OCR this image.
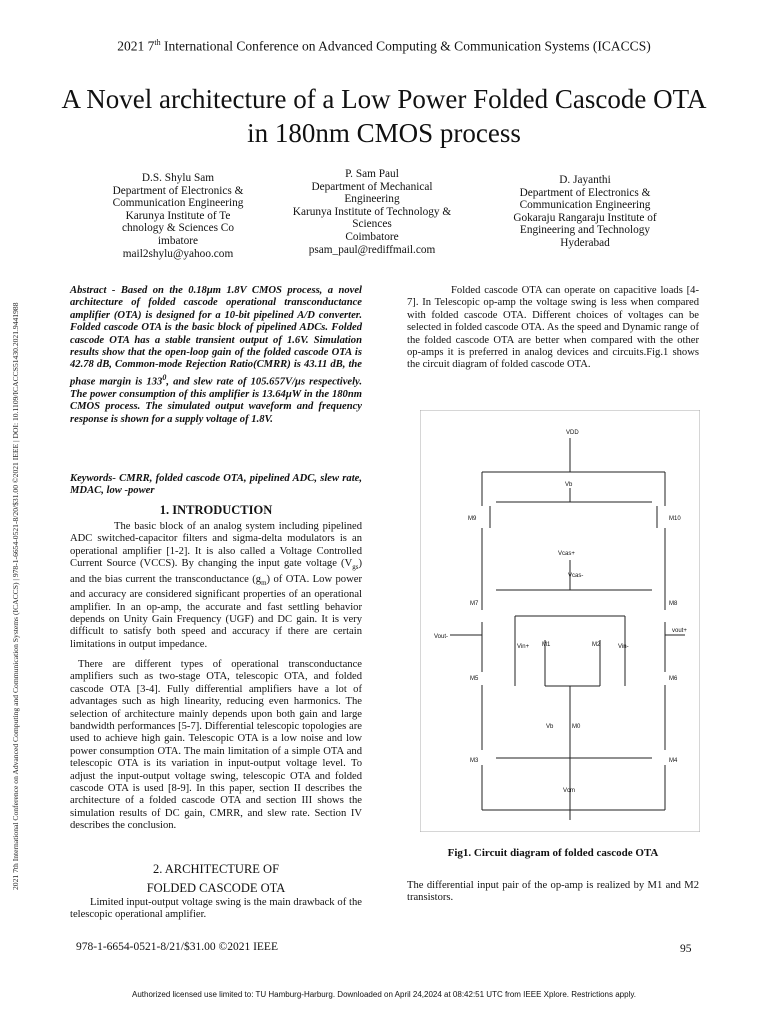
2021 7th International Conference on Advanced Computing & Communication Systems (ICACCS)
A Novel architecture of a Low Power Folded Cascode OTA in 180nm CMOS process
D.S. Shylu Sam
Department of Electronics &
Communication Engineering
Karunya Institute of Te
chnology & Sciences Co
imbatore
mail2shylu@yahoo.com
P. Sam Paul
Department of Mechanical
Engineering
Karunya Institute of Technology &
Sciences
Coimbatore
psam_paul@rediffmail.com
D. Jayanthi
Department of Electronics &
Communication Engineering
Gokaraju Rangaraju Institute of
Engineering and Technology
Hyderabad
2021 7th International Conference on Advanced Computing and Communication Systems (ICACCS) | 978-1-6654-0521-8/20/$31.00 ©2021 IEEE | DOI: 10.1109/ICACCS51430.2021.9441988
Abstract - Based on the 0.18μm 1.8V CMOS process, a novel architecture of folded cascode operational transconductance amplifier (OTA) is designed for a 10-bit pipelined A/D converter. Folded cascode OTA is the basic block of pipelined ADCs. Folded cascode OTA has a stable transient output of 1.6V. Simulation results show that the open-loop gain of the folded cascode OTA is 42.78 dB, Common-mode Rejection Ratio(CMRR) is 43.11 dB, the phase margin is $133^0$, and slew rate of 105.657V/μs respectively. The power consumption of this amplifier is 13.64μW in the 180nm CMOS process. The simulated output waveform and frequency response is shown for a supply voltage of 1.8V.
Keywords- CMRR, folded cascode OTA, pipelined ADC, slew rate, MDAC, low -power
1. INTRODUCTION
The basic block of an analog system including pipelined ADC switched-capacitor filters and sigma-delta modulators is an operational amplifier [1-2]. It is also called a Voltage Controlled Current Source (VCCS). By changing the input gate voltage $(V_{gs})$ and the bias current the transconductance $(g_m)$ of OTA. Low power and accuracy are considered significant properties of an operational amplifier. In an op-amp, the accurate and fast settling behavior depends on Unity Gain Frequency (UGF) and DC gain. It is very difficult to satisfy both speed and accuracy if there are certain limitations in output impedance.
There are different types of operational transconductance amplifiers such as two-stage OTA, telescopic OTA, and folded cascode OTA [3-4]. Fully differential amplifiers have a lot of advantages such as high linearity, reducing even harmonics. The selection of architecture mainly depends upon both gain and large bandwidth performances [5-7]. Differential telescopic topologies are used to achieve high gain. Telescopic OTA is a low noise and low power consumption OTA. The main limitation of a simple OTA and telescopic OTA is its variation in input-output voltage level. To adjust the input-output voltage swing, telescopic OTA and folded cascode OTA is used [8-9]. In this paper, section II describes the architecture of a folded cascode OTA and section III shows the simulation results of DC gain, CMRR, and slew rate. Section IV describes the conclusion.
2. ARCHITECTURE OF
FOLDED CASCODE OTA
Limited input-output voltage swing is the main drawback of the telescopic operational amplifier.
Folded cascode OTA can operate on capacitive loads [4-7]. In Telescopic op-amp the voltage swing is less when compared with folded cascode OTA. Different choices of voltages can be selected in folded cascode OTA. As the speed and Dynamic range of the folded cascode OTA are better when compared with the other op-amps it is preferred in analog devices and circuits.Fig.1 shows the circuit diagram of folded cascode OTA.
VDD
Vb
M9	M10
Vcas+
Vcas-
M7	M8
Vout-
vout+
Vin+ M1	M2	Vin-
M5	M6
Vb	M0
M3	M4
Vcm
Fig1. Circuit diagram of folded cascode OTA
The differential input pair of the op-amp is realized by M1 and M2 transistors.
978-1-6654-0521-8/21/$31.00 ©2021 IEEE	95
Authorized licensed use limited to: TU Hamburg-Harburg. Downloaded on April 24,2024 at 08:42:51 UTC from IEEE Xplore. Restrictions apply.
